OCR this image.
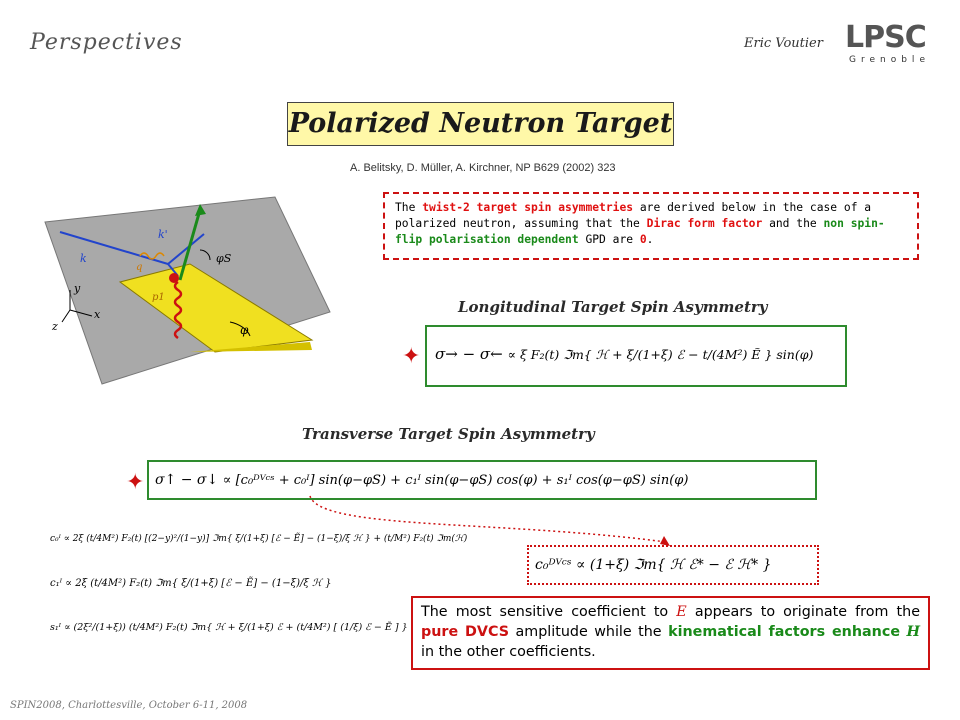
Perspectives	Eric Voutier LPSC
Grenoble
Polarized Neutron Target
A. Belitsky, D. Müller, A. Kirchner, NP B629 (2002) 323
The twist-2 target spin asymmetries are derived below in the case of a polarized neutron, assuming that the Dirac form factor and the non spin-flip polarisation dependent GPD are 0.
k
k'
q
p1
φS
φ
y
x
z
Longitudinal Target Spin Asymmetry
✦ σ→ − σ← ∝ ξ F₂(t) ℑm{ ℋ + ξ/(1+ξ) ℰ − t/(4M²) Ẽ } sin(φ)
Transverse Target Spin Asymmetry
✦ σ↑ − σ↓ ∝ [c₀ᴰⱽᶜˢ + c₀ᴵ] sin(φ−φS) + c₁ᴵ sin(φ−φS) cos(φ) + s₁ᴵ cos(φ−φS) sin(φ)
c₀ᴵ ∝ 2ξ (t/4M²) F₂(t) [(2−y)²/(1−y)] ℑm{ ξ/(1+ξ) [ℰ − Ẽ] − (1−ξ)/ξ ℋ } + (t/M²) F₂(t) ℑm(ℋ)
c₁ᴵ ∝ 2ξ (t/4M²) F₂(t) ℑm{ ξ/(1+ξ) [ℰ − Ẽ] − (1−ξ)/ξ ℋ }
s₁ᴵ ∝ (2ξ²/(1+ξ)) (t/4M²) F₂(t) ℑm{ ℋ + ξ/(1+ξ) ℰ + (t/4M²) [ (1/ξ) ℰ − Ẽ ] }
c₀ᴰⱽᶜˢ ∝ (1+ξ) ℑm{ ℋ ℰ* − ℰ ℋ* }
The most sensitive coefficient to E appears to originate from the pure DVCS amplitude while the kinematical factors enhance H in the other coefficients.
SPIN2008, Charlottesville, October 6-11, 2008
